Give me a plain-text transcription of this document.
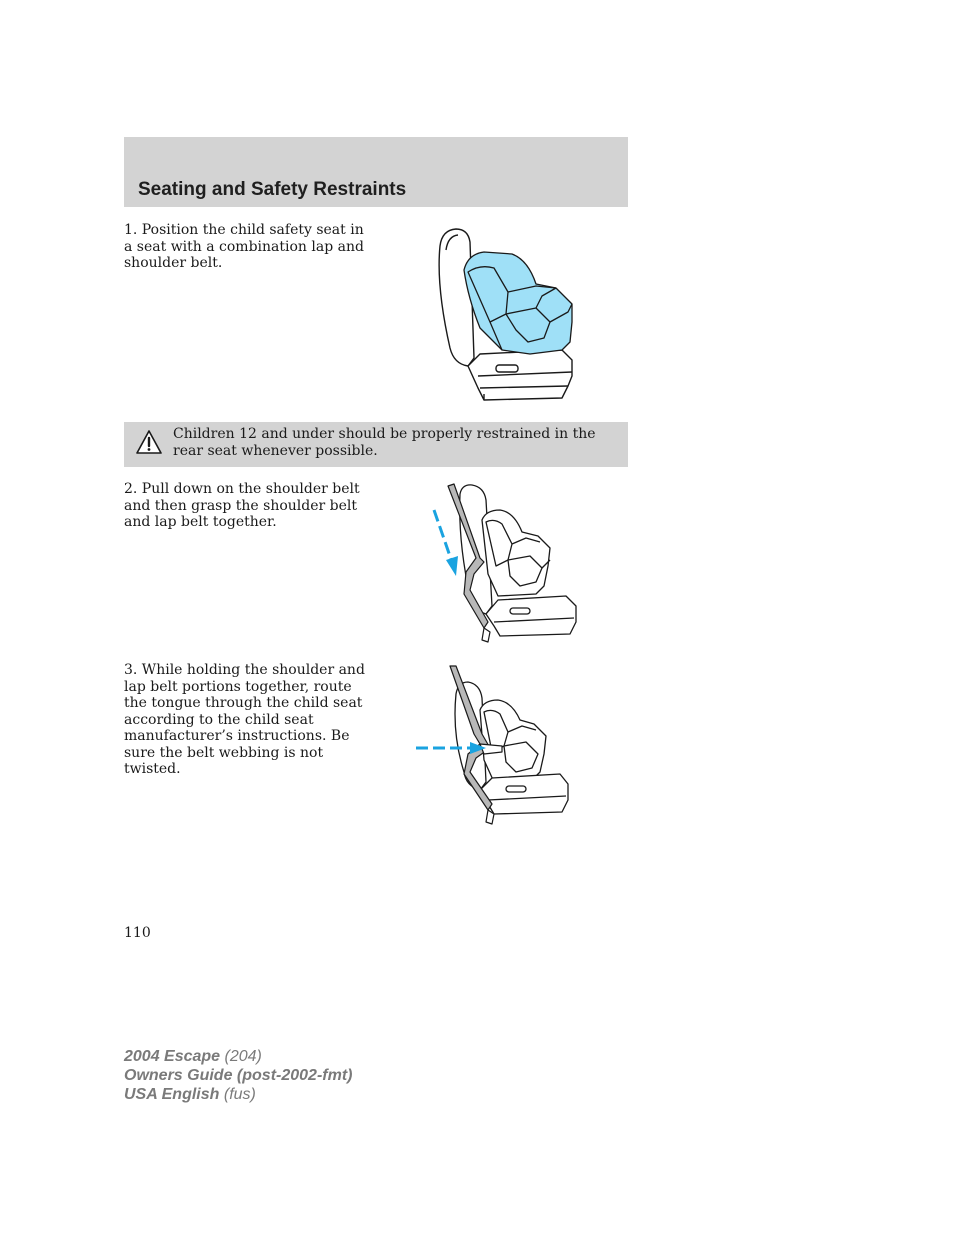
Seating and Safety Restraints

1. Position the child safety seat in a seat with a combination lap and shoulder belt.

Children 12 and under should be properly restrained in the rear seat whenever possible.

2. Pull down on the shoulder belt and then grasp the shoulder belt and lap belt together.

3. While holding the shoulder and lap belt portions together, route the tongue through the child seat according to the child seat manufacturer’s instructions. Be sure the belt webbing is not twisted.

110

2004 Escape (204)
Owners Guide (post-2002-fmt)
USA English (fus)
